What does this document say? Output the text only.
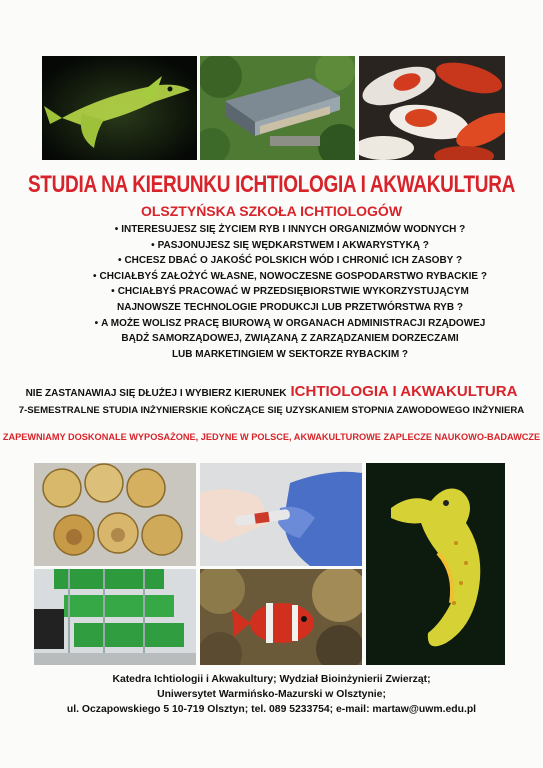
STUDIA NA KIERUNKU ICHTIOLOGIA I AKWAKULTURA
OLSZTYŃSKA SZKOŁA ICHTIOLOGÓW
• INTERESUJESZ SIĘ ŻYCIEM RYB I INNYCH ORGANIZMÓW WODNYCH ?
• PASJONUJESZ SIĘ WĘDKARSTWEM I AKWARYSTYKĄ ?
• CHCESZ DBAĆ O JAKOŚĆ POLSKICH WÓD I CHRONIĆ ICH ZASOBY ?
• CHCIAŁBYŚ ZAŁOŻYĆ WŁASNE, NOWOCZESNE GOSPODARSTWO RYBACKIE ?
• CHCIAŁBYŚ PRACOWAĆ W PRZEDSIĘBIORSTWIE WYKORZYSTUJĄCYM
NAJNOWSZE TECHNOLOGIE PRODUKCJI LUB PRZETWÓRSTWA RYB ?
• A MOŻE WOLISZ PRACĘ BIUROWĄ W ORGANACH ADMINISTRACJI RZĄDOWEJ
BĄDŹ SAMORZĄDOWEJ, ZWIĄZANĄ Z ZARZĄDZANIEM DORZECZAMI
LUB MARKETINGIEM W SEKTORZE RYBACKIM ?
NIE ZASTANAWIAJ SIĘ DŁUŻEJ I WYBIERZ KIERUNEK ICHTIOLOGIA I AKWAKULTURA
7-SEMESTRALNE STUDIA INŻYNIERSKIE KOŃCZĄCE SIĘ UZYSKANIEM STOPNIA ZAWODOWEGO INŻYNIERA
ZAPEWNIAMY DOSKONALE WYPOSAŻONE, JEDYNE W POLSCE, AKWAKULTUROWE ZAPLECZE NAUKOWO-BADAWCZE
Katedra Ichtiologii i Akwakultury; Wydział Bioinżynierii Zwierząt;
Uniwersytet Warmińsko-Mazurski w Olsztynie;
ul. Oczapowskiego 5 10-719 Olsztyn; tel. 089 5233754; e-mail: martaw@uwm.edu.pl
